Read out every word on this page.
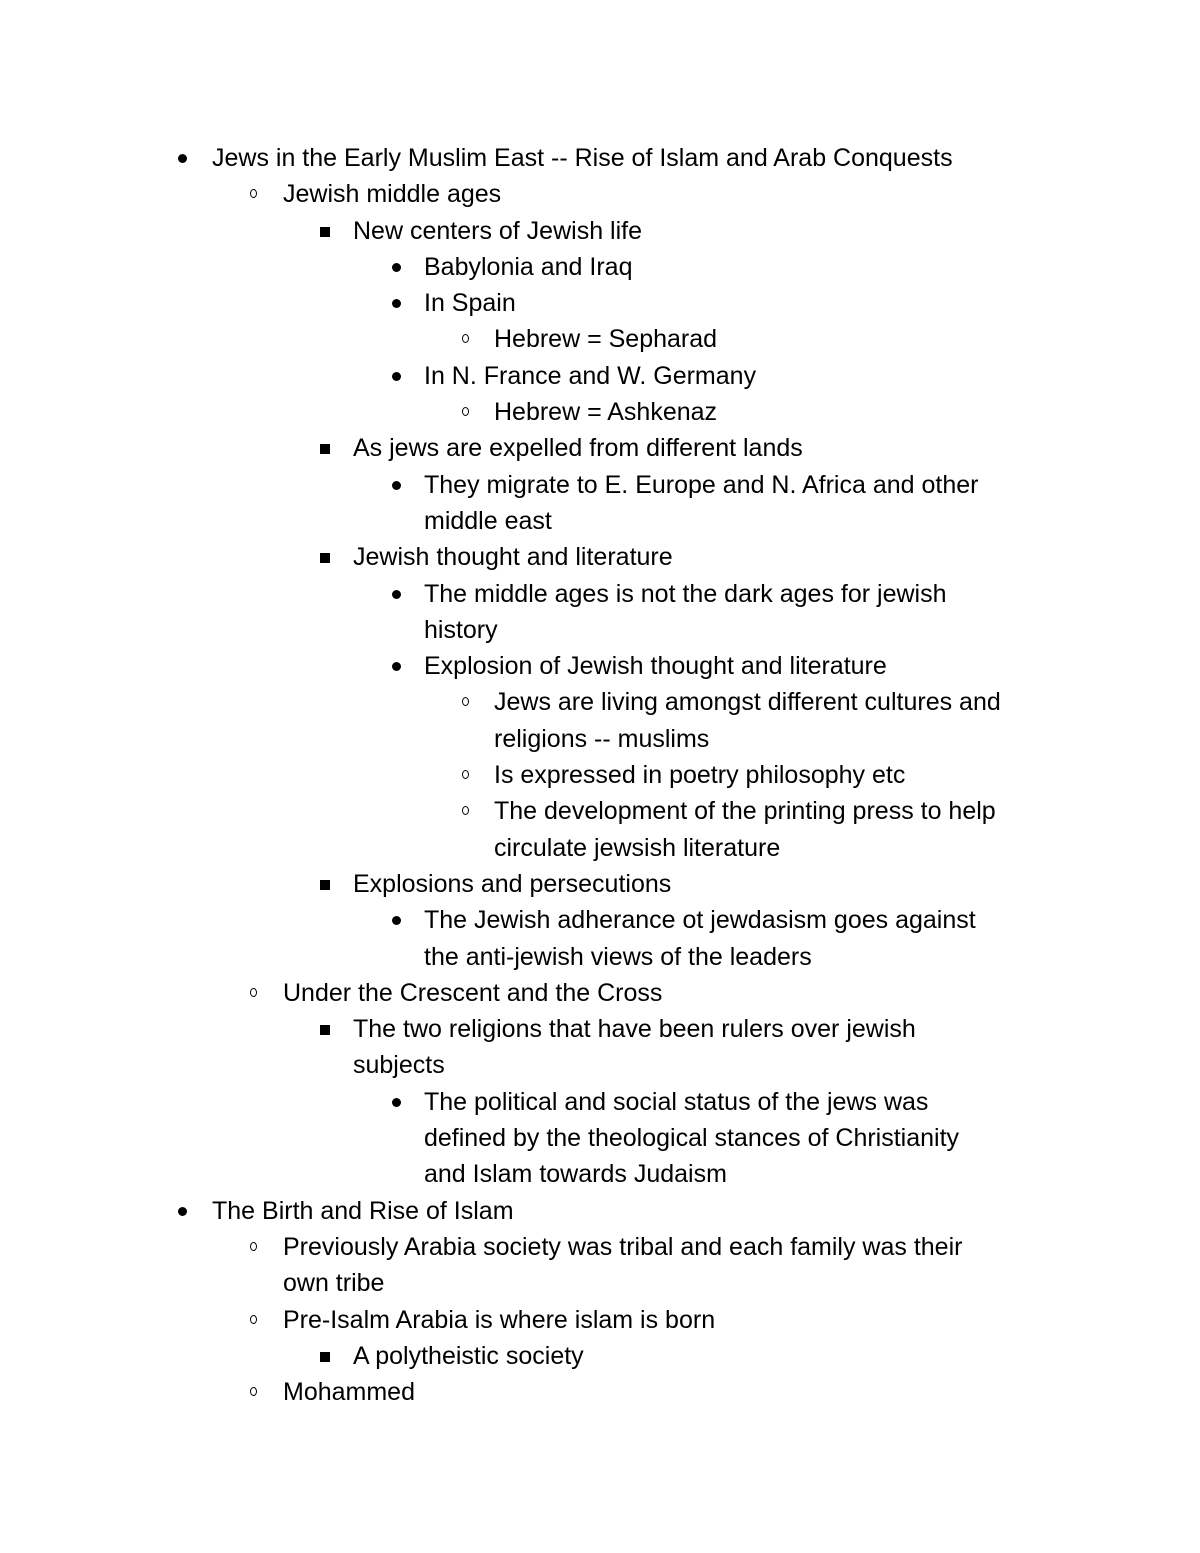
Jews in the Early Muslim East -- Rise of Islam and Arab Conquests
Jewish middle ages
New centers of Jewish life
Babylonia and Iraq
In Spain
Hebrew = Sepharad
In N. France and W. Germany
Hebrew = Ashkenaz
As jews are expelled from different lands
They migrate to E. Europe and N. Africa and other
middle east
Jewish thought and literature
The middle ages is not the dark ages for jewish
history
Explosion of Jewish thought and literature
Jews are living amongst different cultures and
religions -- muslims
Is expressed in poetry philosophy etc
The development of the printing press to help
circulate jewsish literature
Explosions and persecutions
The Jewish adherance ot jewdasism goes against
the anti-jewish views of the leaders
Under the Crescent and the Cross
The two religions that have been rulers over jewish
subjects
The political and social status of the jews was
defined by the theological stances of Christianity
and Islam towards Judaism
The Birth and Rise of Islam
Previously Arabia society was tribal and each family was their
own tribe
Pre-Isalm Arabia is where islam is born
A polytheistic society
Mohammed
